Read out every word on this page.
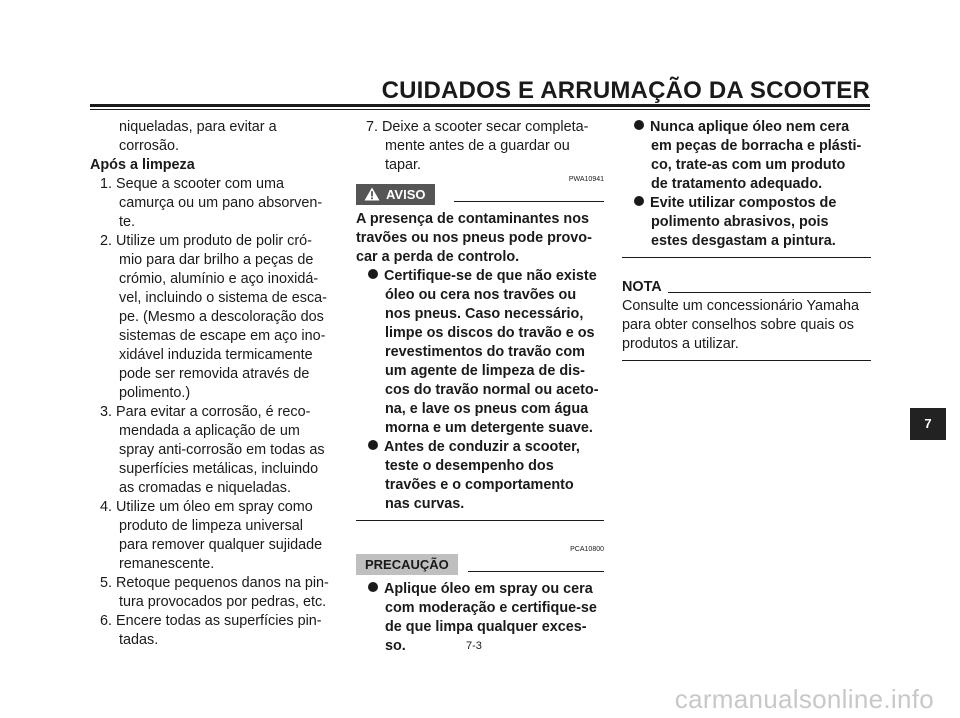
CUIDADOS E ARRUMAÇÃO DA SCOOTER
niqueladas, para evitar a
corrosão.
Após a limpeza
1. Seque a scooter com uma
camurça ou um pano absorven-
te.
2. Utilize um produto de polir cró-
mio para dar brilho a peças de
crómio, alumínio e aço inoxidá-
vel, incluindo o sistema de esca-
pe. (Mesmo a descoloração dos
sistemas de escape em aço ino-
xidável induzida termicamente
pode ser removida através de
polimento.)
3. Para evitar a corrosão, é reco-
mendada a aplicação de um
spray anti-corrosão em todas as
superfícies metálicas, incluindo
as cromadas e niqueladas.
4. Utilize um óleo em spray como
produto de limpeza universal
para remover qualquer sujidade
remanescente.
5. Retoque pequenos danos na pin-
tura provocados por pedras, etc.
6. Encere todas as superfícies pin-
tadas.
7. Deixe a scooter secar completa-
mente antes de a guardar ou
tapar.
PWA10941
AVISO
A presença de contaminantes nos
travões ou nos pneus pode provo-
car a perda de controlo.
Certifique-se de que não existe
óleo ou cera nos travões ou
nos pneus. Caso necessário,
limpe os discos do travão e os
revestimentos do travão com
um agente de limpeza de dis-
cos do travão normal ou aceto-
na, e lave os pneus com água
morna e um detergente suave.
Antes de conduzir a scooter,
teste o desempenho dos
travões e o comportamento
nas curvas.
PCA10800
PRECAUÇÃO
Aplique óleo em spray ou cera
com moderação e certifique-se
de que limpa qualquer exces-
so.
Nunca aplique óleo nem cera
em peças de borracha e plásti-
co, trate-as com um produto
de tratamento adequado.
Evite utilizar compostos de
polimento abrasivos, pois
estes desgastam a pintura.
NOTA
Consulte um concessionário Yamaha
para obter conselhos sobre quais os
produtos a utilizar.
7-3
7
carmanualsonline.info
